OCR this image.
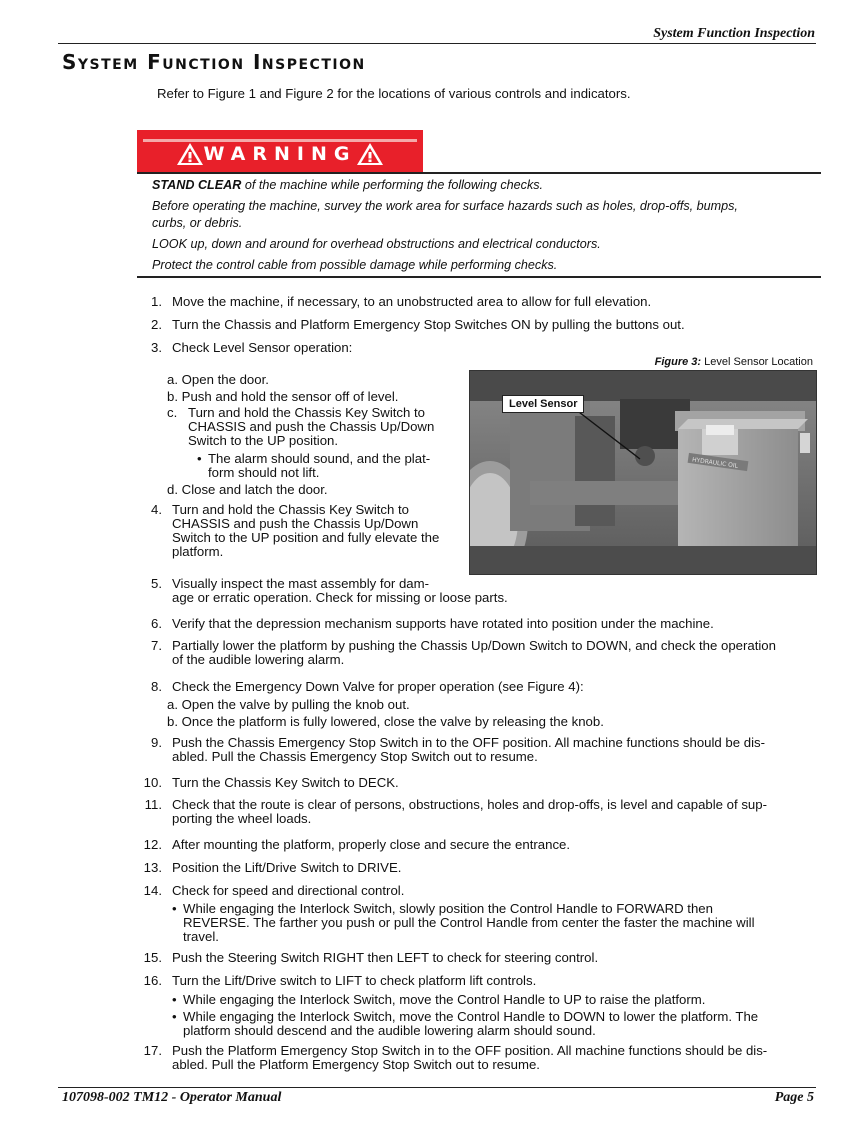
System Function Inspection
System Function Inspection
Refer to Figure 1 and Figure 2 for the locations of various controls and indicators.
WARNING
STAND CLEAR of the machine while performing the following checks.
Before operating the machine, survey the work area for surface hazards such as holes, drop-offs, bumps,
curbs, or debris.
LOOK up, down and around for overhead obstructions and electrical conductors.
Protect the control cable from possible damage while performing checks.
1. Move the machine, if necessary, to an unobstructed area to allow for full elevation.
2. Turn the Chassis and Platform Emergency Stop Switches ON by pulling the buttons out.
3. Check Level Sensor operation:
Figure 3: Level Sensor Location
HYDRAULIC OIL
Level Sensor
a. Open the door.
b. Push and hold the sensor off of level.
c. Turn and hold the Chassis Key Switch to
CHASSIS and push the Chassis Up/Down
Switch to the UP position.
• The alarm should sound, and the plat-
form should not lift.
d. Close and latch the door.
4. Turn and hold the Chassis Key Switch to
CHASSIS and push the Chassis Up/Down
Switch to the UP position and fully elevate the
platform.
5. Visually inspect the mast assembly for dam-
age or erratic operation. Check for missing or loose parts.
6. Verify that the depression mechanism supports have rotated into position under the machine.
7. Partially lower the platform by pushing the Chassis Up/Down Switch to DOWN, and check the operation
of the audible lowering alarm.
8. Check the Emergency Down Valve for proper operation (see Figure 4):
a. Open the valve by pulling the knob out.
b. Once the platform is fully lowered, close the valve by releasing the knob.
9. Push the Chassis Emergency Stop Switch in to the OFF position. All machine functions should be dis-
abled. Pull the Chassis Emergency Stop Switch out to resume.
10. Turn the Chassis Key Switch to DECK.
11. Check that the route is clear of persons, obstructions, holes and drop-offs, is level and capable of sup-
porting the wheel loads.
12. After mounting the platform, properly close and secure the entrance.
13. Position the Lift/Drive Switch to DRIVE.
14. Check for speed and directional control.
• While engaging the Interlock Switch, slowly position the Control Handle to FORWARD then
REVERSE. The farther you push or pull the Control Handle from center the faster the machine will
travel.
15. Push the Steering Switch RIGHT then LEFT to check for steering control.
16. Turn the Lift/Drive switch to LIFT to check platform lift controls.
• While engaging the Interlock Switch, move the Control Handle to UP to raise the platform.
• While engaging the Interlock Switch, move the Control Handle to DOWN to lower the platform. The
platform should descend and the audible lowering alarm should sound.
17. Push the Platform Emergency Stop Switch in to the OFF position. All machine functions should be dis-
abled. Pull the Platform Emergency Stop Switch out to resume.
107098-002 TM12 - Operator Manual	Page 5
